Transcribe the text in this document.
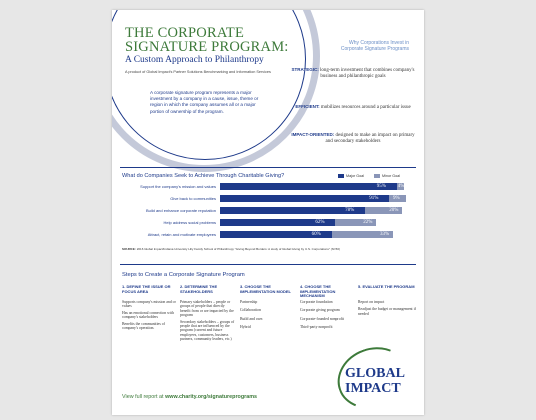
THE CORPORATE
SIGNATURE PROGRAM:
A Custom Approach to Philanthropy
A product of Global Impact's Partner Solutions Benchmarking and Information Services
A corporate signature program represents a major investment by a company in a cause, issue, theme or region in which the company assumes all or a major portion of ownership of the program.
Why Corporations Invest in Corporate Signature Programs
STRATEGIC: long-term investment that combines company's business and philanthropic goals
EFFICIENT: mobilizes resources around a particular issue
IMPACT-ORIENTED: designed to make an impact on primary and secondary stakeholders
What do Companies Seek to Achieve Through Charitable Giving?	Major Goal	Minor Goal
Support the company's mission and values	95% 4%
Give back to communities	91%	9%
Build and enhance corporate reputation	78%	20%
Help address social problems	62%	22%
Attract, retain and motivate employees	60%	33%
SOURCE: 2016 Global Impact/Indiana University Lilly Family School of Philanthropy "Giving Beyond Borders: A study of Global Giving by U.S. Corporations" (N=50)
Steps to Create a Corporate Signature Program
1. DEFINE THE ISSUE OR FOCUS AREA
Supports company's mission and or values
Has an emotional connection with company's stakeholders
Benefits the communities of company's operation.
2. DETERMINE THE STAKEHOLDERS
Primary stakeholders – people or groups of people that directly benefit from or are impacted by the program
Secondary stakeholders – groups of people that are influenced by the program (current and future employees, customers, business partners, community leaders, etc.)
3. CHOOSE THE IMPLEMENTATION MODEL
Partnership
Collaboration
Build and own
Hybrid
4. CHOOSE THE IMPLEMENTATION MECHANISM
Corporate foundation
Corporate giving program
Corporate-founded nonprofit
Third-party nonprofit
5. EVALUATE THE PROGRAM
Report on impact
Readjust the budget or management if needed
GLOBAL
IMPACT
View full report at www.charity.org/signatureprograms
